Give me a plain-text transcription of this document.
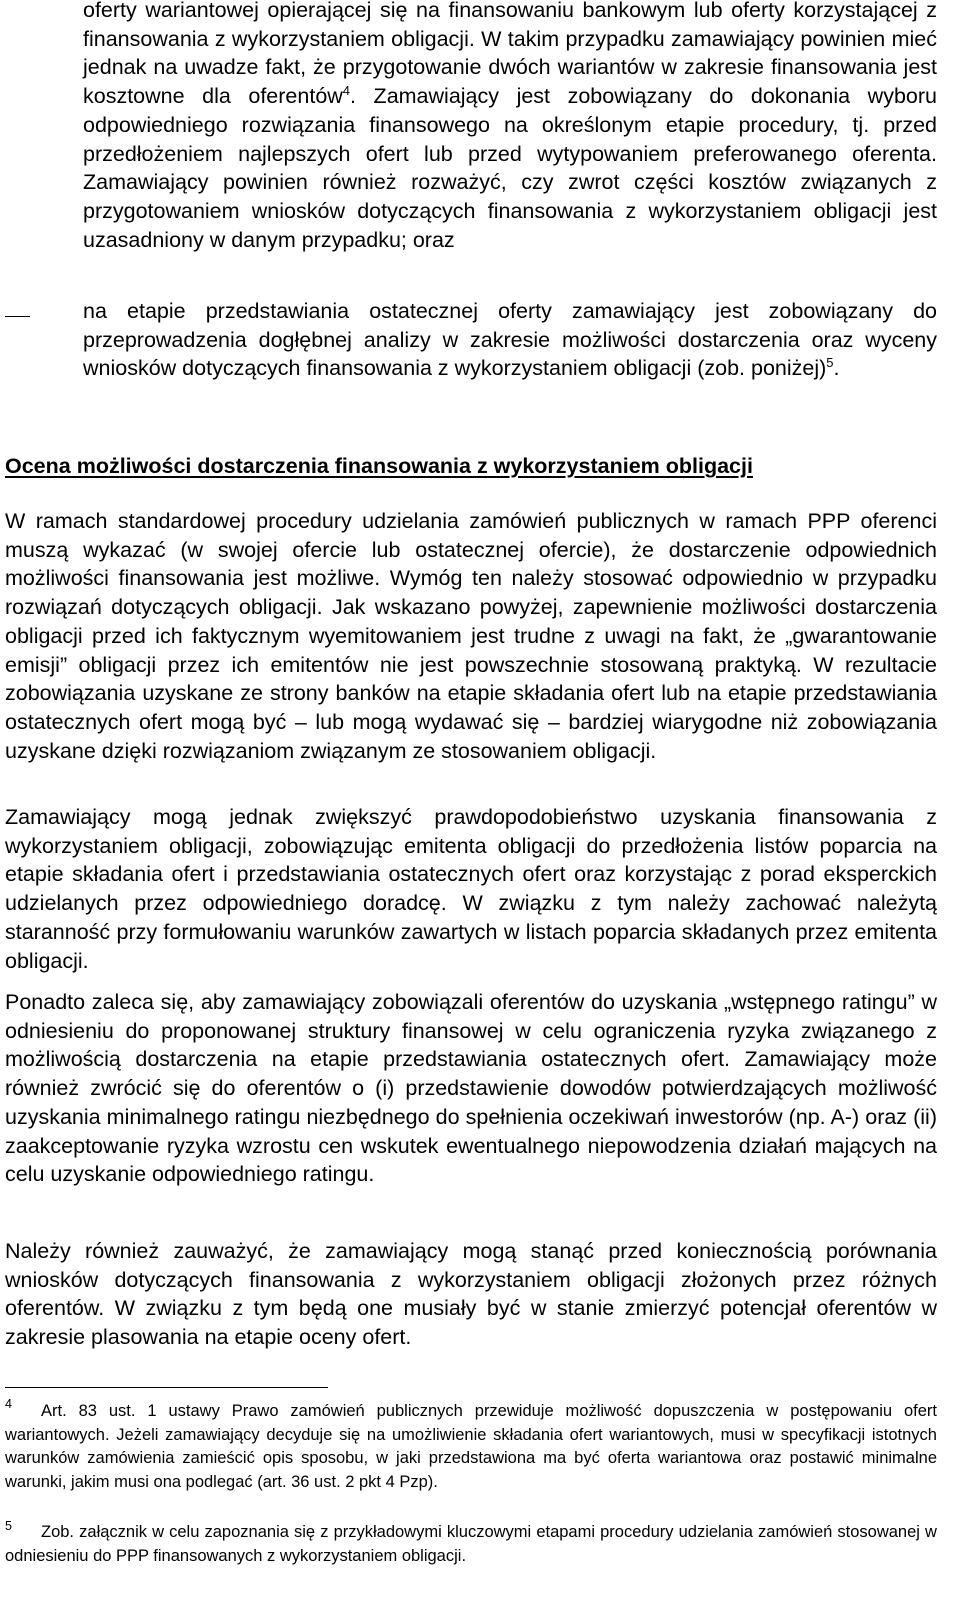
oferty wariantowej opierającej się na finansowaniu bankowym lub oferty korzystającej z finansowania z wykorzystaniem obligacji. W takim przypadku zamawiający powinien mieć jednak na uwadze fakt, że przygotowanie dwóch wariantów w zakresie finansowania jest kosztowne dla oferentów$^4$. Zamawiający jest zobowiązany do dokonania wyboru odpowiedniego rozwiązania finansowego na określonym etapie procedury, tj. przed przedłożeniem najlepszych ofert lub przed wytypowaniem preferowanego oferenta. Zamawiający powinien również rozważyć, czy zwrot części kosztów związanych z przygotowaniem wniosków dotyczących finansowania z wykorzystaniem obligacji jest uzasadniony w danym przypadku; oraz

na etapie przedstawiania ostatecznej oferty zamawiający jest zobowiązany do przeprowadzenia dogłębnej analizy w zakresie możliwości dostarczenia oraz wyceny wniosków dotyczących finansowania z wykorzystaniem obligacji (zob. poniżej)$^5$.

Ocena możliwości dostarczenia finansowania z wykorzystaniem obligacji

W ramach standardowej procedury udzielania zamówień publicznych w ramach PPP oferenci muszą wykazać (w swojej ofercie lub ostatecznej ofercie), że dostarczenie odpowiednich możliwości finansowania jest możliwe. Wymóg ten należy stosować odpowiednio w przypadku rozwiązań dotyczących obligacji. Jak wskazano powyżej, zapewnienie możliwości dostarczenia obligacji przed ich faktycznym wyemitowaniem jest trudne z uwagi na fakt, że „gwarantowanie emisji” obligacji przez ich emitentów nie jest powszechnie stosowaną praktyką. W rezultacie zobowiązania uzyskane ze strony banków na etapie składania ofert lub na etapie przedstawiania ostatecznych ofert mogą być – lub mogą wydawać się – bardziej wiarygodne niż zobowiązania uzyskane dzięki rozwiązaniom związanym ze stosowaniem obligacji.

Zamawiający mogą jednak zwiększyć prawdopodobieństwo uzyskania finansowania z wykorzystaniem obligacji, zobowiązując emitenta obligacji do przedłożenia listów poparcia na etapie składania ofert i przedstawiania ostatecznych ofert oraz korzystając z porad eksperckich udzielanych przez odpowiedniego doradcę. W związku z tym należy zachować należytą staranność przy formułowaniu warunków zawartych w listach poparcia składanych przez emitenta obligacji.

Ponadto zaleca się, aby zamawiający zobowiązali oferentów do uzyskania „wstępnego ratingu” w odniesieniu do proponowanej struktury finansowej w celu ograniczenia ryzyka związanego z możliwością dostarczenia na etapie przedstawiania ostatecznych ofert. Zamawiający może również zwrócić się do oferentów o (i) przedstawienie dowodów potwierdzających możliwość uzyskania minimalnego ratingu niezbędnego do spełnienia oczekiwań inwestorów (np. A-) oraz (ii) zaakceptowanie ryzyka wzrostu cen wskutek ewentualnego niepowodzenia działań mających na celu uzyskanie odpowiedniego ratingu.

Należy również zauważyć, że zamawiający mogą stanąć przed koniecznością porównania wniosków dotyczących finansowania z wykorzystaniem obligacji złożonych przez różnych oferentów. W związku z tym będą one musiały być w stanie zmierzyć potencjał oferentów w zakresie plasowania na etapie oceny ofert.

4	Art. 83 ust. 1 ustawy Prawo zamówień publicznych przewiduje możliwość dopuszczenia w postępowaniu ofert wariantowych. Jeżeli zamawiający decyduje się na umożliwienie składania ofert wariantowych, musi w specyfikacji istotnych warunków zamówienia zamieścić opis sposobu, w jaki przedstawiona ma być oferta wariantowa oraz postawić minimalne warunki, jakim musi ona podlegać (art. 36 ust. 2 pkt 4 Pzp).

5	Zob. załącznik w celu zapoznania się z przykładowymi kluczowymi etapami procedury udzielania zamówień stosowanej w odniesieniu do PPP finansowanych z wykorzystaniem obligacji.
